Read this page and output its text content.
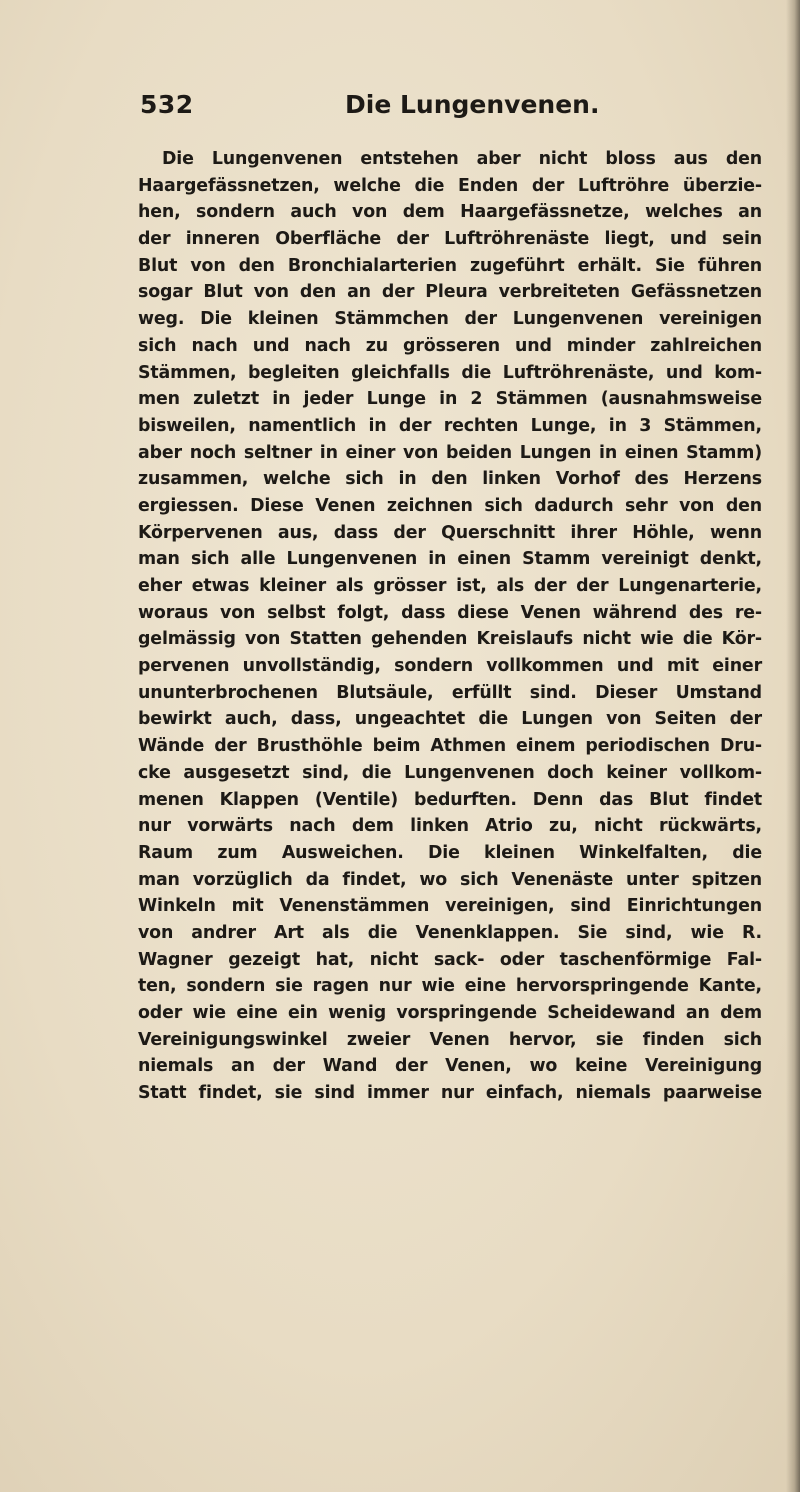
532	Die Lungenvenen.
Die Lungenvenen entstehen aber nicht bloss aus den
Haargefässnetzen, welche die Enden der Luftröhre überzie-
hen, sondern auch von dem Haargefässnetze, welches an
der inneren Oberfläche der Luftröhrenäste liegt, und sein
Blut von den Bronchialarterien zugeführt erhält. Sie führen
sogar Blut von den an der Pleura verbreiteten Gefässnetzen
weg. Die kleinen Stämmchen der Lungenvenen vereinigen
sich nach und nach zu grösseren und minder zahlreichen
Stämmen, begleiten gleichfalls die Luftröhrenäste, und kom-
men zuletzt in jeder Lunge in 2 Stämmen (ausnahmsweise
bisweilen, namentlich in der rechten Lunge, in 3 Stämmen,
aber noch seltner in einer von beiden Lungen in einen Stamm)
zusammen, welche sich in den linken Vorhof des Herzens
ergiessen. Diese Venen zeichnen sich dadurch sehr von den
Körpervenen aus, dass der Querschnitt ihrer Höhle, wenn
man sich alle Lungenvenen in einen Stamm vereinigt denkt,
eher etwas kleiner als grösser ist, als der der Lungenarterie,
woraus von selbst folgt, dass diese Venen während des re-
gelmässig von Statten gehenden Kreislaufs nicht wie die Kör-
pervenen unvollständig, sondern vollkommen und mit einer
ununterbrochenen Blutsäule, erfüllt sind. Dieser Umstand
bewirkt auch, dass, ungeachtet die Lungen von Seiten der
Wände der Brusthöhle beim Athmen einem periodischen Dru-
cke ausgesetzt sind, die Lungenvenen doch keiner vollkom-
menen Klappen (Ventile) bedurften. Denn das Blut findet
nur vorwärts nach dem linken Atrio zu, nicht rückwärts,
Raum zum Ausweichen. Die kleinen Winkelfalten, die
man vorzüglich da findet, wo sich Venenäste unter spitzen
Winkeln mit Venenstämmen vereinigen, sind Einrichtungen
von andrer Art als die Venenklappen. Sie sind, wie R.
Wagner gezeigt hat, nicht sack- oder taschenförmige Fal-
ten, sondern sie ragen nur wie eine hervorspringende Kante,
oder wie eine ein wenig vorspringende Scheidewand an dem
Vereinigungswinkel zweier Venen hervor, sie finden sich
niemals an der Wand der Venen, wo keine Vereinigung
Statt findet, sie sind immer nur einfach, niemals paarweise
